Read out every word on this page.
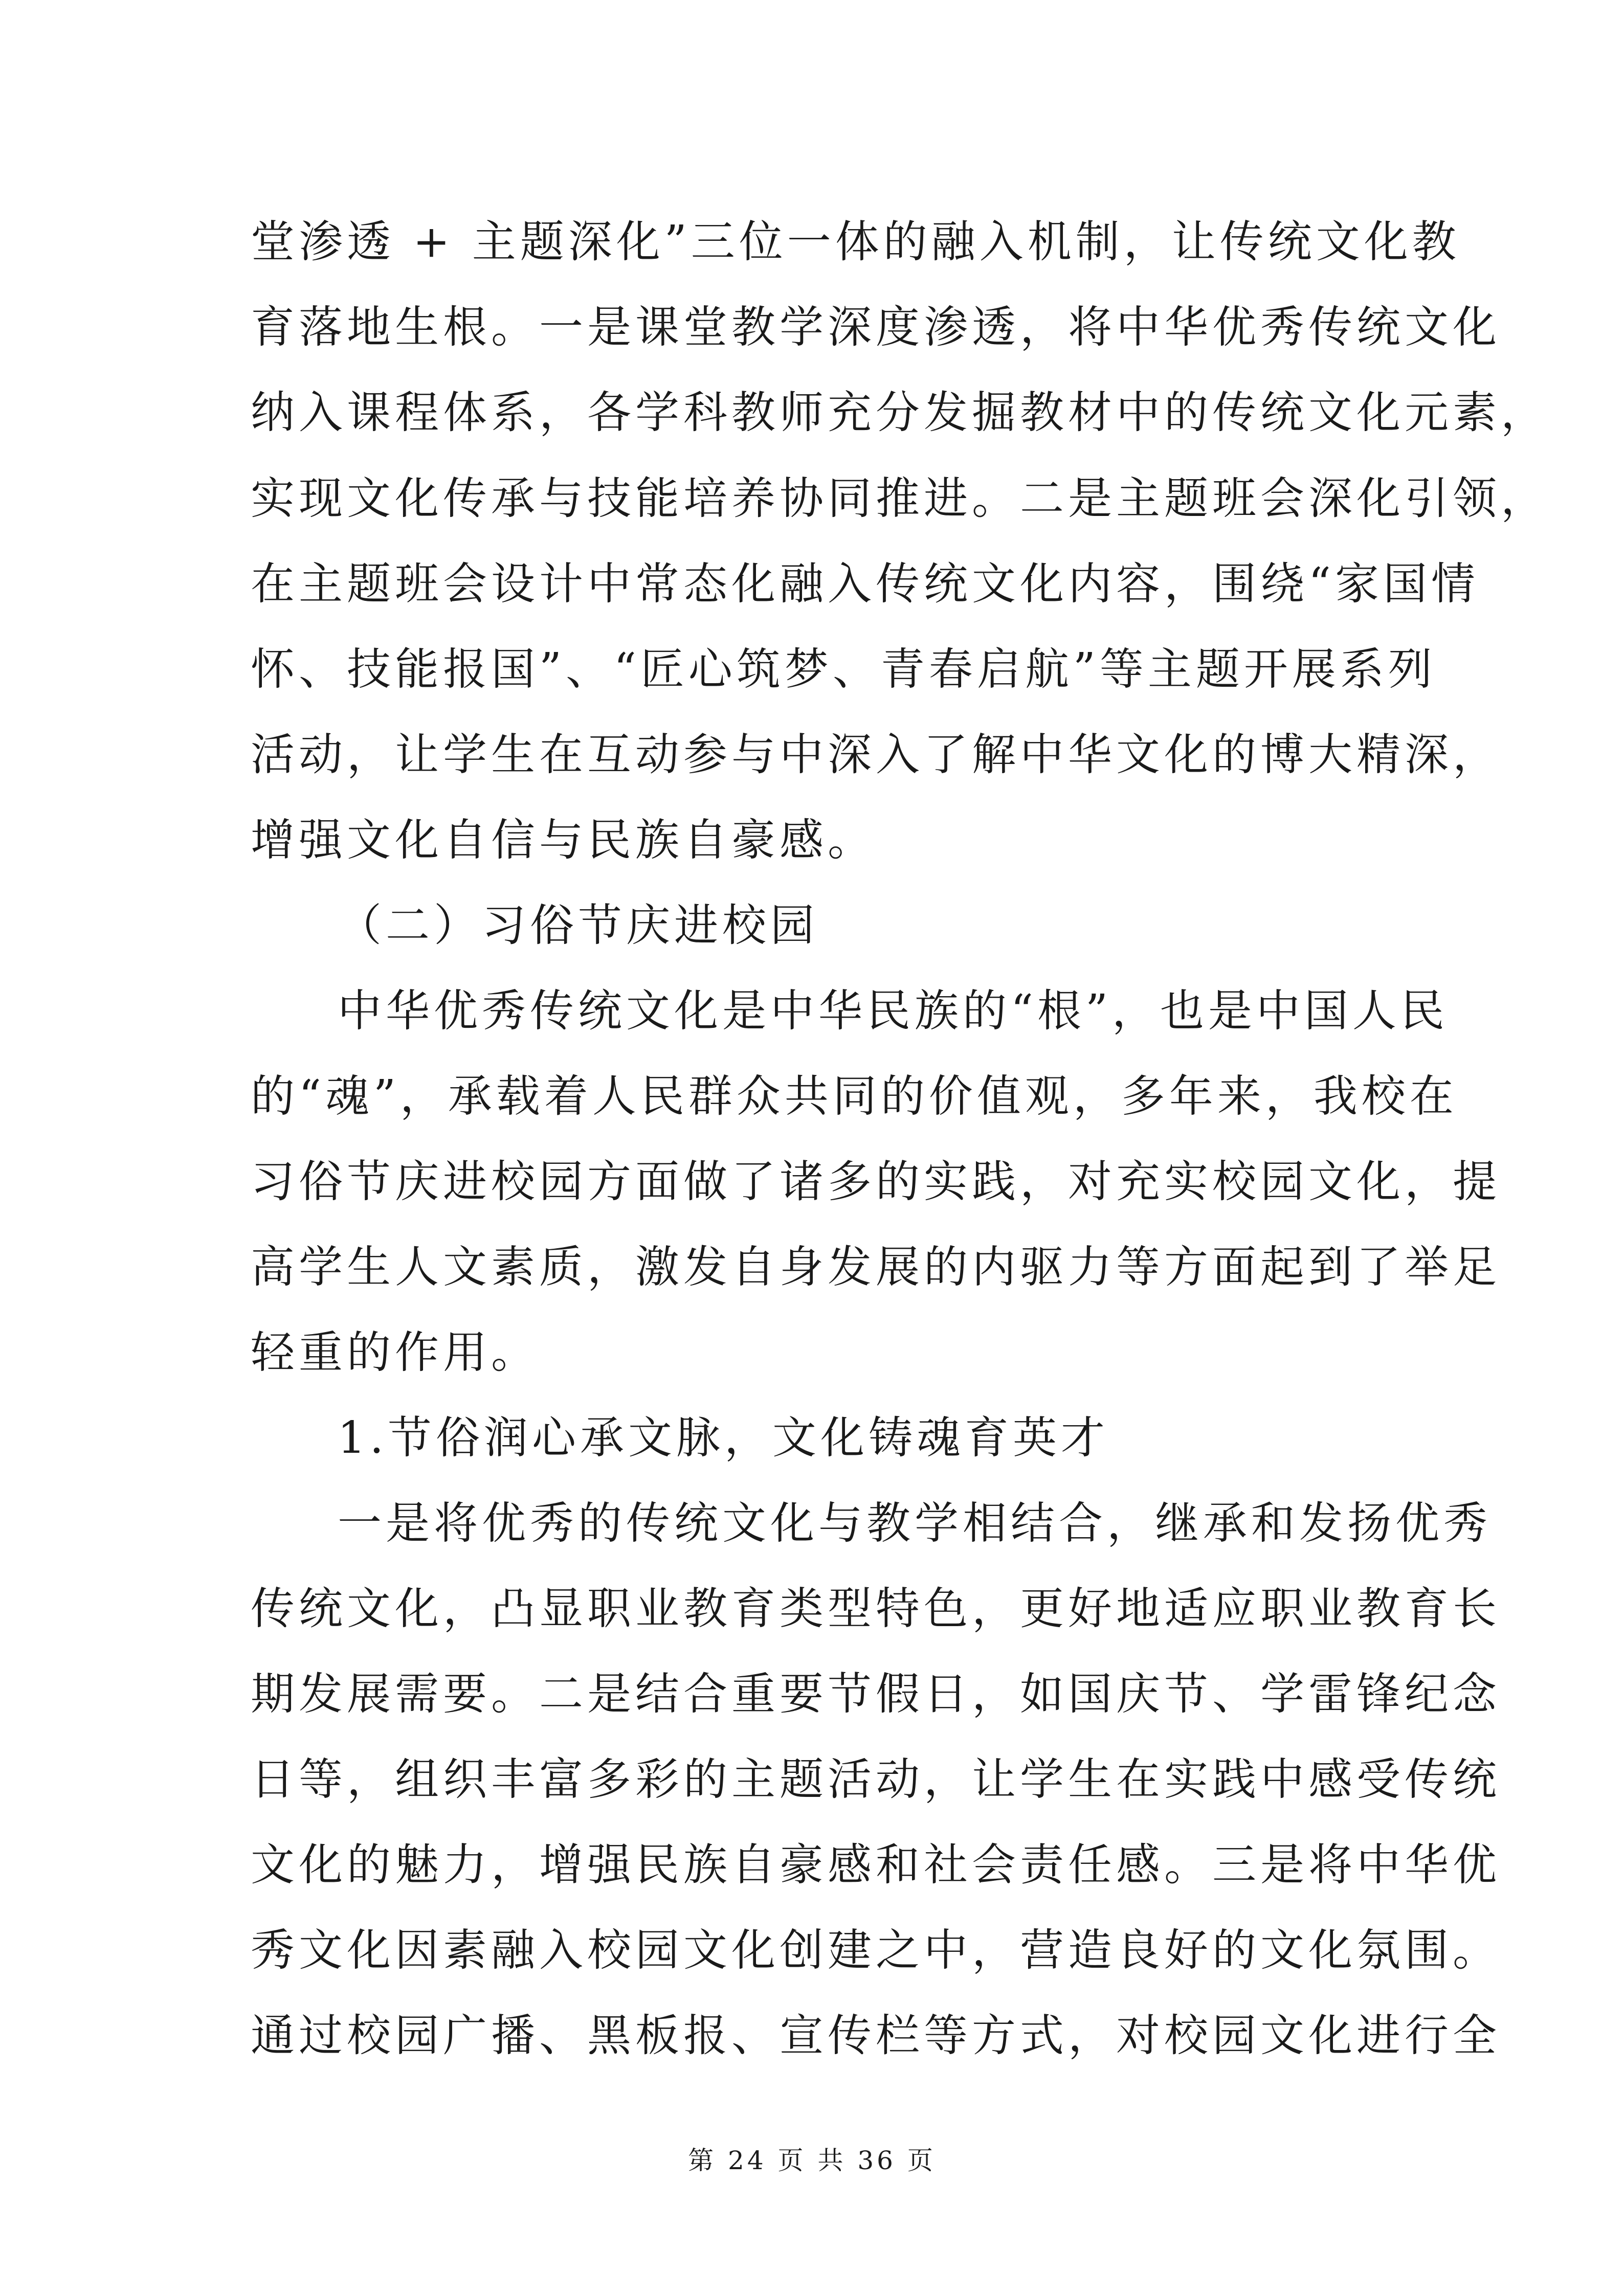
堂渗透 + 主题深化”三位一体的融入机制，让传统文化教
育落地生根。一是课堂教学深度渗透，将中华优秀传统文化
纳入课程体系，各学科教师充分发掘教材中的传统文化元素，
实现文化传承与技能培养协同推进。二是主题班会深化引领，
在主题班会设计中常态化融入传统文化内容，围绕“家国情
怀、技能报国”、“匠心筑梦、青春启航”等主题开展系列
活动，让学生在互动参与中深入了解中华文化的博大精深，
增强文化自信与民族自豪感。
（二）习俗节庆进校园
中华优秀传统文化是中华民族的“根”，也是中国人民
的“魂”，承载着人民群众共同的价值观，多年来，我校在
习俗节庆进校园方面做了诸多的实践，对充实校园文化，提
高学生人文素质，激发自身发展的内驱力等方面起到了举足
轻重的作用。
1.节俗润心承文脉，文化铸魂育英才
一是将优秀的传统文化与教学相结合，继承和发扬优秀
传统文化，凸显职业教育类型特色，更好地适应职业教育长
期发展需要。二是结合重要节假日，如国庆节、学雷锋纪念
日等，组织丰富多彩的主题活动，让学生在实践中感受传统
文化的魅力，增强民族自豪感和社会责任感。三是将中华优
秀文化因素融入校园文化创建之中，营造良好的文化氛围。
通过校园广播、黑板报、宣传栏等方式，对校园文化进行全
第 24 页 共 36 页
